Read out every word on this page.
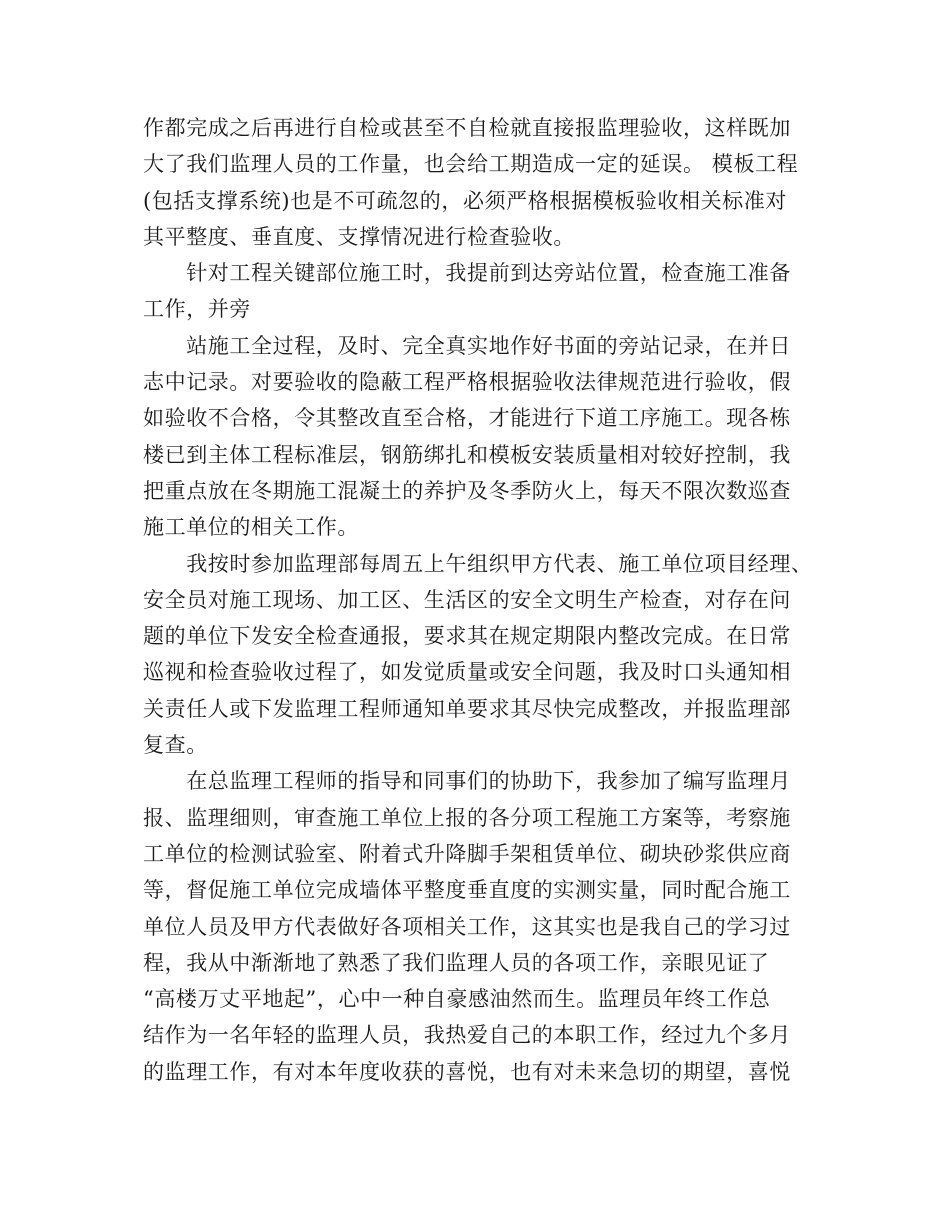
作都完成之后再进行自检或甚至不自检就直接报监理验收，这样既加
大了我们监理人员的工作量，也会给工期造成一定的延误。 模板工程
(包括支撑系统)也是不可疏忽的，必须严格根据模板验收相关标准对
其平整度、垂直度、支撑情况进行检查验收。
　　针对工程关键部位施工时，我提前到达旁站位置，检查施工准备
工作，并旁
　　站施工全过程，及时、完全真实地作好书面的旁站记录，在并日
志中记录。对要验收的隐蔽工程严格根据验收法律规范进行验收，假
如验收不合格，令其整改直至合格，才能进行下道工序施工。现各栋
楼已到主体工程标准层，钢筋绑扎和模板安装质量相对较好控制，我
把重点放在冬期施工混凝土的养护及冬季防火上，每天不限次数巡查
施工单位的相关工作。
　　我按时参加监理部每周五上午组织甲方代表、施工单位项目经理、
安全员对施工现场、加工区、生活区的安全文明生产检查，对存在问
题的单位下发安全检查通报，要求其在规定期限内整改完成。在日常
巡视和检查验收过程了，如发觉质量或安全问题，我及时口头通知相
关责任人或下发监理工程师通知单要求其尽快完成整改，并报监理部
复查。
　　在总监理工程师的指导和同事们的协助下，我参加了编写监理月
报、监理细则，审查施工单位上报的各分项工程施工方案等，考察施
工单位的检测试验室、附着式升降脚手架租赁单位、砌块砂浆供应商
等，督促施工单位完成墙体平整度垂直度的实测实量，同时配合施工
单位人员及甲方代表做好各项相关工作，这其实也是我自己的学习过
程，我从中渐渐地了熟悉了我们监理人员的各项工作，亲眼见证了
“高楼万丈平地起”，心中一种自豪感油然而生。监理员年终工作总
结作为一名年轻的监理人员，我热爱自己的本职工作，经过九个多月
的监理工作，有对本年度收获的喜悦，也有对未来急切的期望，喜悦
